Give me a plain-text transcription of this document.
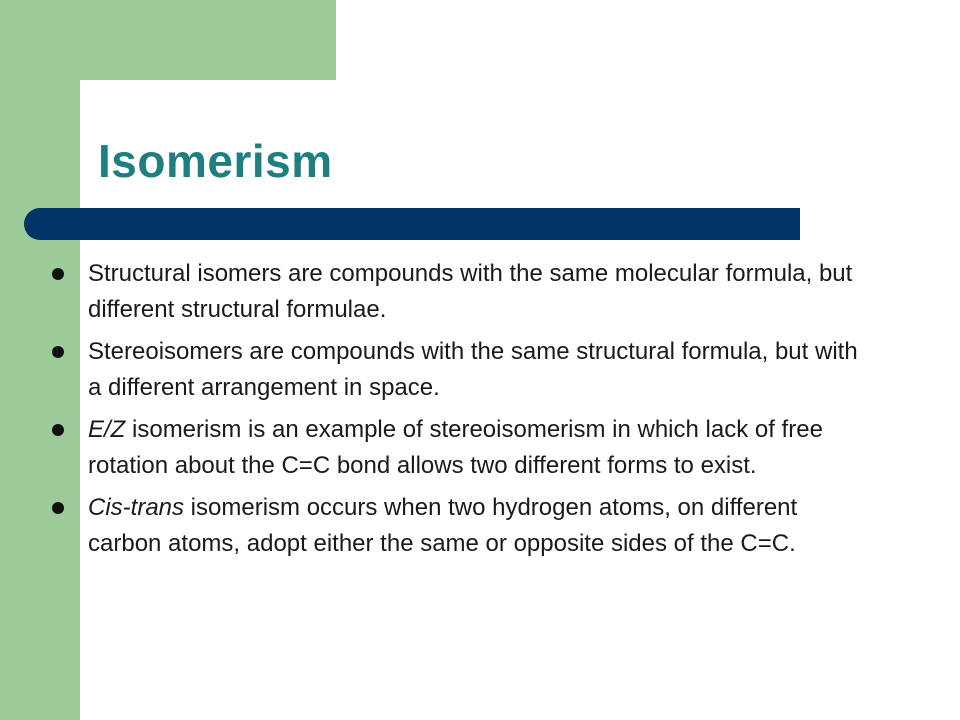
Isomerism
Structural isomers are compounds with the same molecular formula, but different structural formulae.
Stereoisomers are compounds with the same structural formula, but with a different arrangement in space.
E/Z isomerism is an example of stereoisomerism in which lack of free rotation about the C=C bond allows two different forms to exist.
Cis-trans isomerism occurs when two hydrogen atoms, on different carbon atoms, adopt either the same or opposite sides of the C=C.
